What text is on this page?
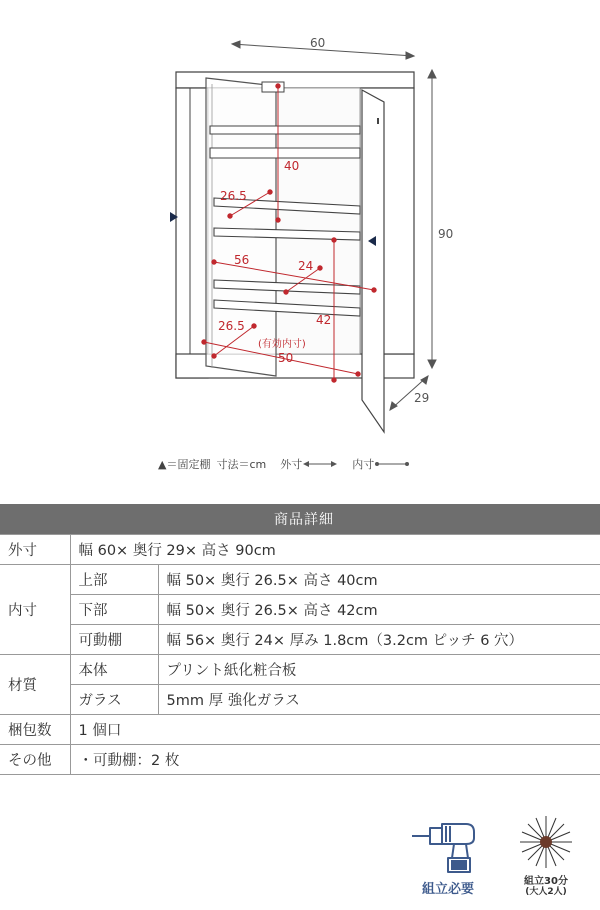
60
90
29
40
26.5
56	24
42
26.5
(有効内寸)
50
▲＝固定棚 寸法＝cm 外寸	内寸
商品詳細		
外寸	幅 60× 奥行 29× 高さ 90cm	
内寸	上部	幅 50× 奥行 26.5× 高さ 40cm
	下部	幅 50× 奥行 26.5× 高さ 42cm
	可動棚	幅 56× 奥行 24× 厚み 1.8cm（3.2cm ピッチ 6 穴）
材質	本体	プリント紙化粧合板
	ガラス	5mm 厚 強化ガラス
梱包数	1 個口	
その他	・可動棚：2 枚	
組立必要
組立30分
(大人2人)
